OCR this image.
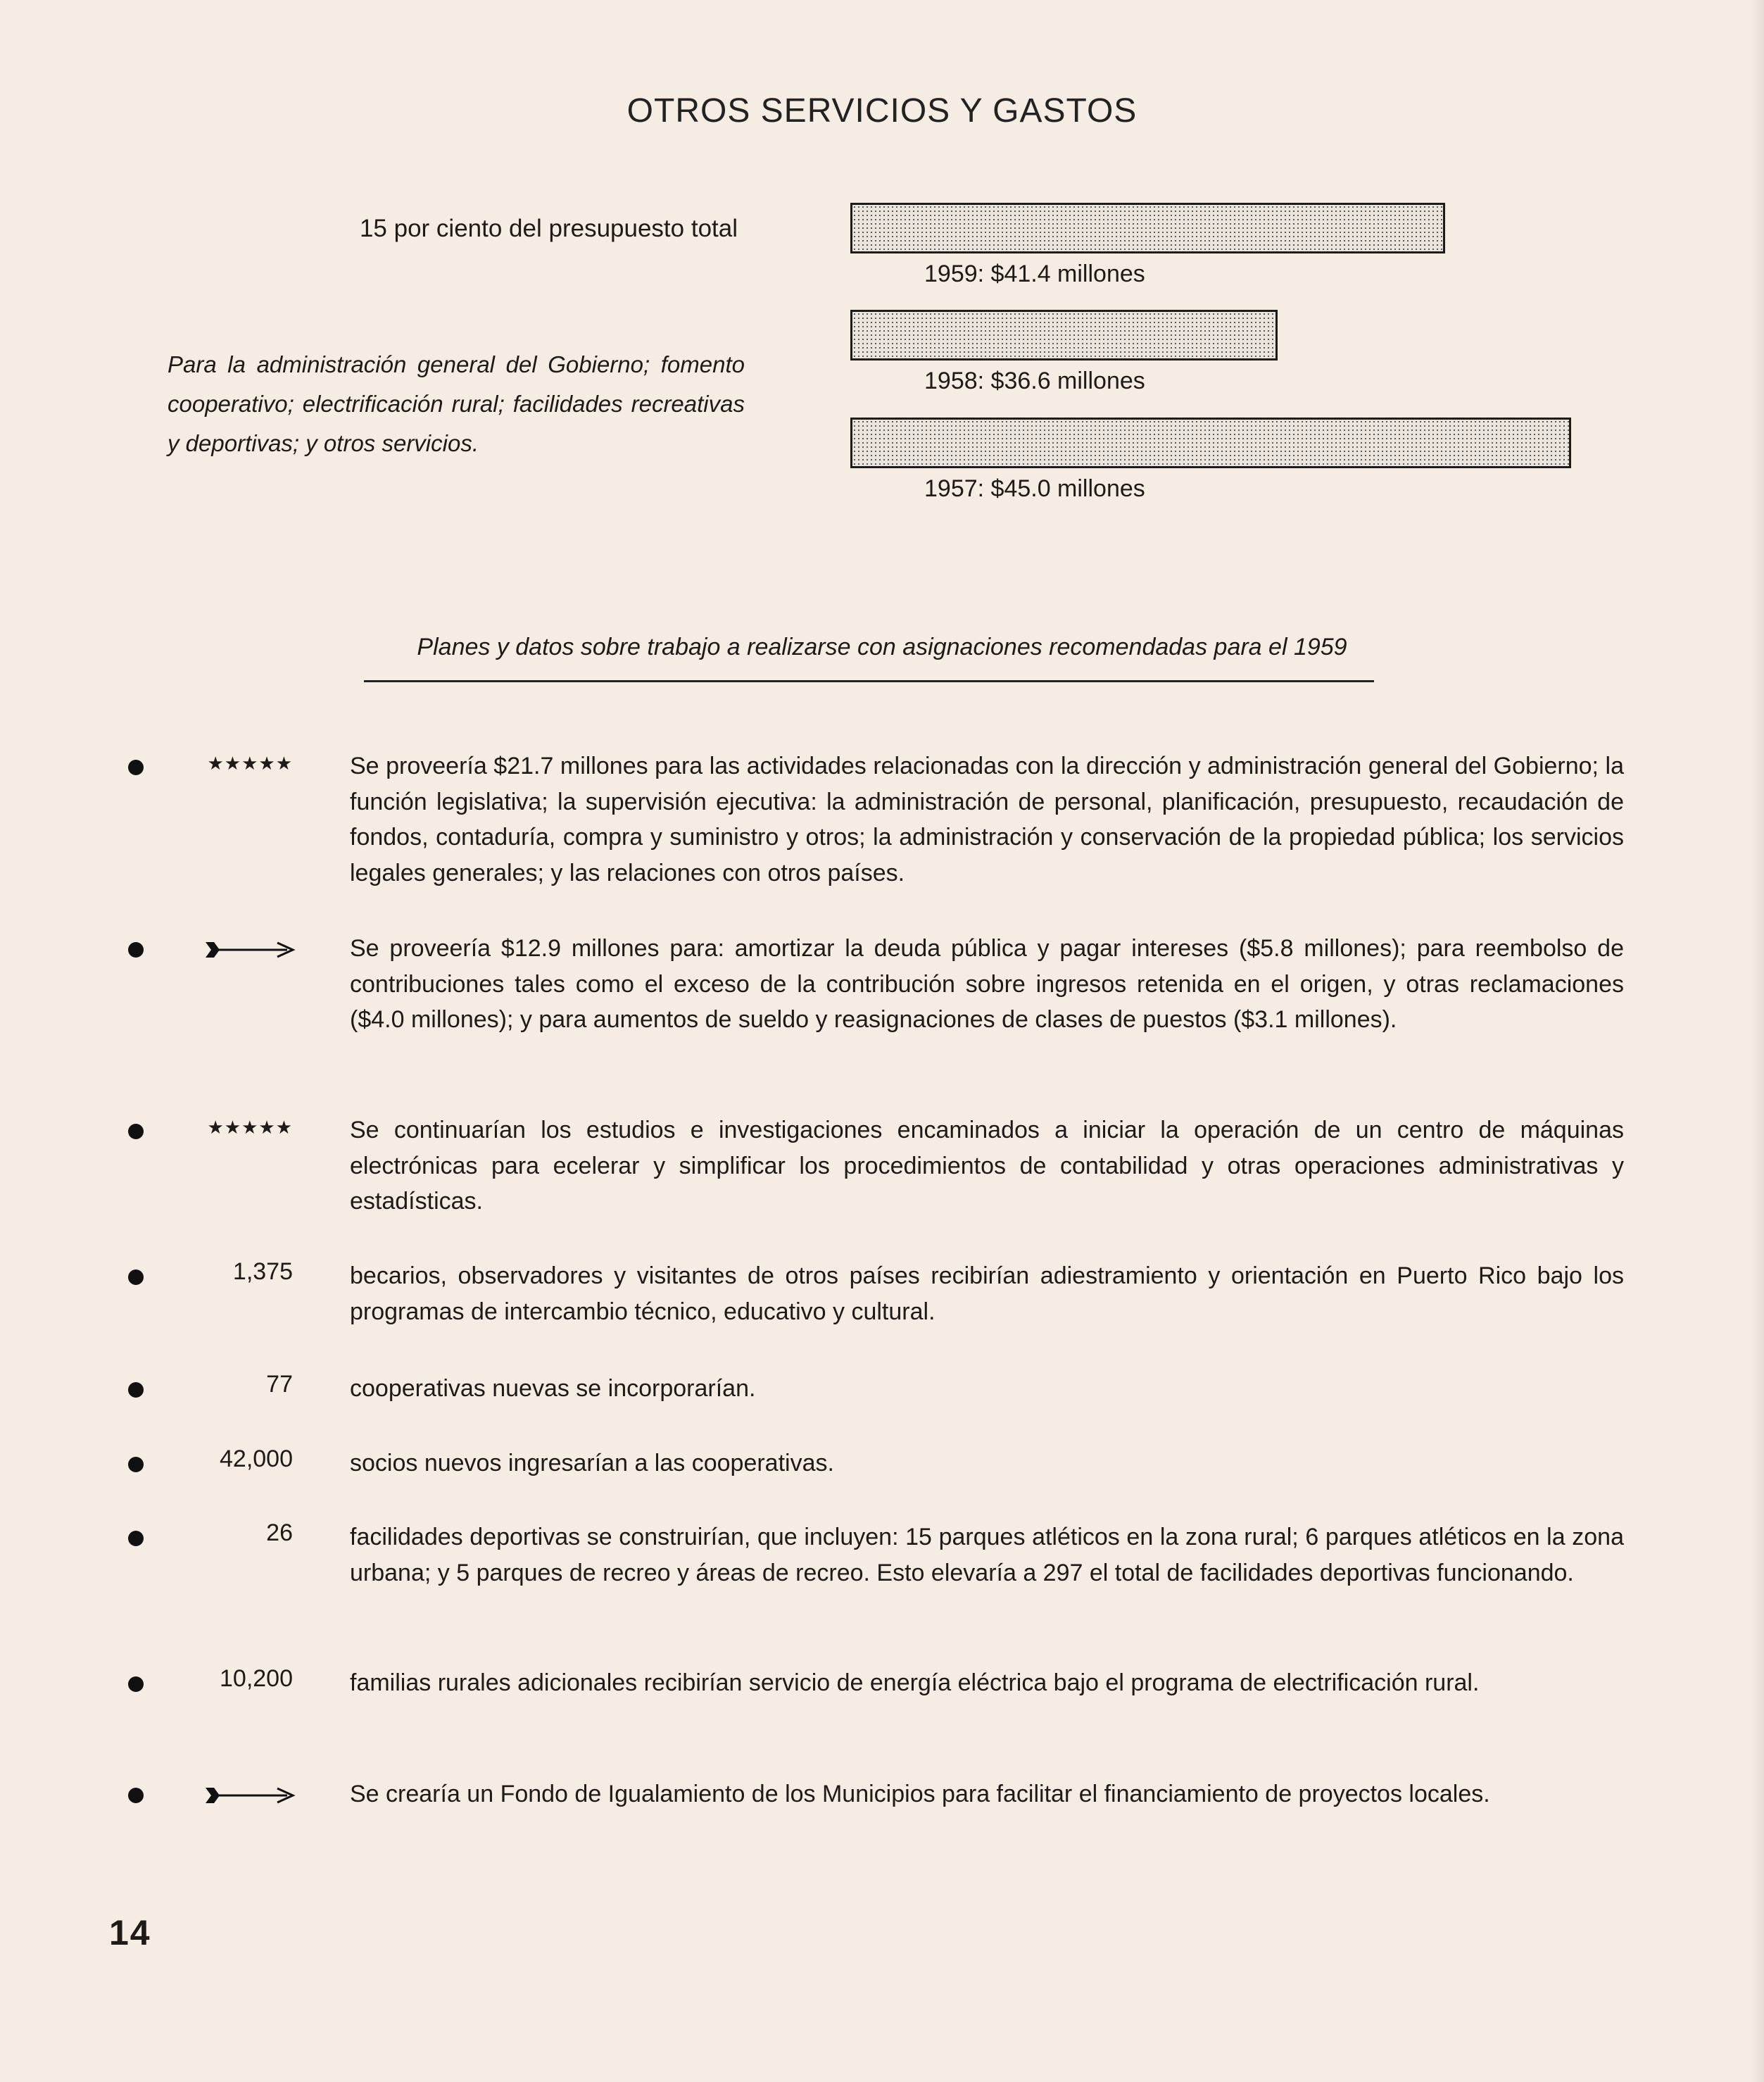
OTROS SERVICIOS Y GASTOS
15 por ciento del presupuesto total
Para la administración general del Gobierno; fomento cooperativo; electrificación rural; facilidades recreativas y deportivas; y otros servicios.
1959: $41.4 millones
1958: $36.6 millones
1957: $45.0 millones
Planes y datos sobre trabajo a realizarse con asignaciones recomendadas para el 1959
★★★★★ Se proveería $21.7 millones para las actividades relacionadas con la dirección y administración general del Gobierno; la función legislativa; la supervisión ejecutiva: la administración de personal, planificación, presupuesto, recaudación de fondos, contaduría, compra y suministro y otros; la administración y conservación de la propiedad pública; los servicios legales generales; y las relaciones con otros países.
Se proveería $12.9 millones para: amortizar la deuda pública y pagar intereses ($5.8 millones); para reembolso de contribuciones tales como el exceso de la contribución sobre ingresos retenida en el origen, y otras reclamaciones ($4.0 millones); y para aumentos de sueldo y reasignaciones de clases de puestos ($3.1 millones).
★★★★★ Se continuarían los estudios e investigaciones encaminados a iniciar la operación de un centro de máquinas electrónicas para ecelerar y simplificar los procedimientos de contabilidad y otras operaciones administrativas y estadísticas.
1,375 becarios, observadores y visitantes de otros países recibirían adiestramiento y orientación en Puerto Rico bajo los programas de intercambio técnico, educativo y cultural.
77 cooperativas nuevas se incorporarían.
42,000 socios nuevos ingresarían a las cooperativas.
26 facilidades deportivas se construirían, que incluyen: 15 parques atléticos en la zona rural; 6 parques atléticos en la zona urbana; y 5 parques de recreo y áreas de recreo. Esto elevaría a 297 el total de facilidades deportivas funcionando.
10,200 familias rurales adicionales recibirían servicio de energía eléctrica bajo el programa de electrificación rural.
Se crearía un Fondo de Igualamiento de los Municipios para facilitar el financiamiento de proyectos locales.
14
